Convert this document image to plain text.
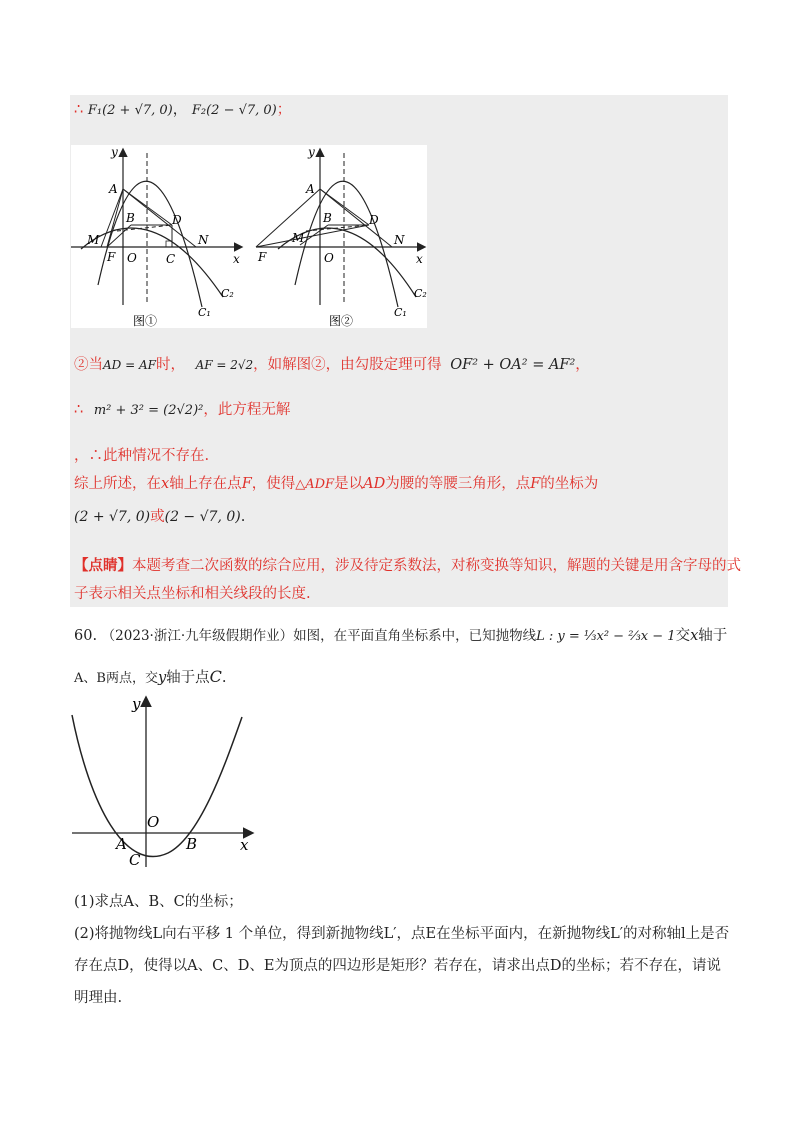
∴ F₁(2 + √7, 0)， F₂(2 − √7, 0)；
y
x
A
B	D
M
F O C
N
C₂
C₁
图①
y
x
A
B	D
M
F	O
N
C₂
C₁
图②
②当AD = AF时， AF = 2√2，如解图②，由勾股定理可得 OF² + OA² = AF²，
∴ m² + 3² = (2√2)²，此方程无解
，∴此种情况不存在.
综上所述，在x轴上存在点F，使得△ADF是以AD为腰的等腰三角形，点F的坐标为
(2 + √7, 0)或(2 − √7, 0).
【点睛】本题考查二次函数的综合应用，涉及待定系数法，对称变换等知识，解题的关键是用含字母的式
子表示相关点坐标和相关线段的长度.
60. （2023·浙江·九年级假期作业）如图，在平面直角坐标系中，已知抛物线L : y = ⅓x² − ⅔x − 1交x轴于
A、B两点，交y轴于点C.
y
O
A	B
C
x
(1)求点A、B、C的坐标；
(2)将抛物线L向右平移 1 个单位，得到新抛物线L′，点E在坐标平面内，在新抛物线L′的对称轴l上是否
存在点D，使得以A、C、D、E为顶点的四边形是矩形？若存在，请求出点D的坐标；若不存在，请说
明理由.
